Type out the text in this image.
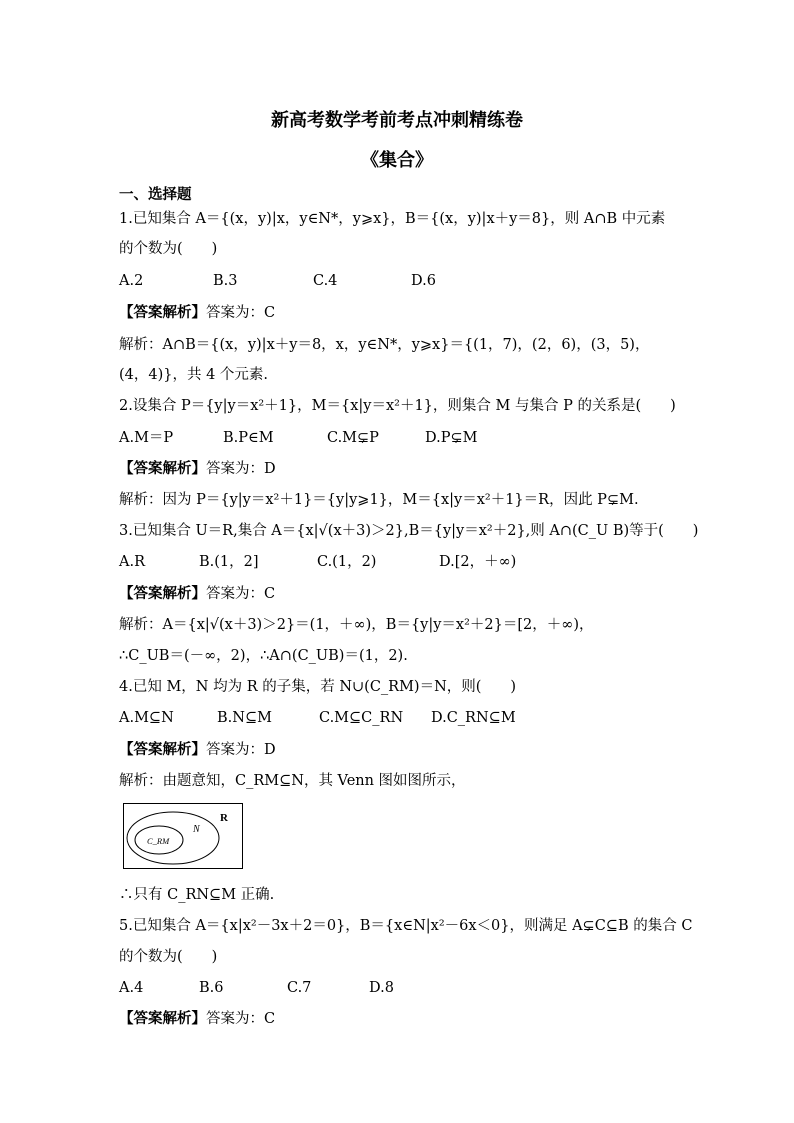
新高考数学考前考点冲刺精练卷
《集合》
一、选择题
1.已知集合 A＝{(x，y)|x，y∈N*，y⩾x}，B＝{(x，y)|x＋y＝8}，则 A∩B 中元素
的个数为(　　)
A.2	B.3	C.4	D.6
【答案解析】答案为：C
解析：A∩B＝{(x，y)|x＋y＝8，x，y∈N*，y⩾x}＝{(1，7)，(2，6)，(3，5)，
(4，4)}，共 4 个元素.
2.设集合 P＝{y|y＝x²＋1}，M＝{x|y＝x²＋1}，则集合 M 与集合 P 的关系是(　　)
A.M＝P	B.P∈M	C.M⊊P	D.P⊊M
【答案解析】答案为：D
解析：因为 P＝{y|y＝x²＋1}＝{y|y⩾1}，M＝{x|y＝x²＋1}＝R，因此 P⊊M.
3.已知集合 U＝R,集合 A＝{x|√(x＋3)＞2},B＝{y|y＝x²＋2},则 A∩(C_U B)等于(　　)
A.R	B.(1，2]	C.(1，2)	D.[2，＋∞)
【答案解析】答案为：C
解析：A＝{x|√(x＋3)＞2}＝(1，＋∞)，B＝{y|y＝x²＋2}＝[2，＋∞)，
∴C_UB＝(－∞，2)，∴A∩(C_UB)＝(1，2).
4.已知 M，N 均为 R 的子集，若 N∪(C_RM)＝N，则(　　)
A.M⊆N	B.N⊆M	C.M⊆C_RN D.C_RN⊆M
【答案解析】答案为：D
解析：由题意知，C_RM⊆N，其 Venn 图如图所示，
R
N
C_RM
∴只有 C_RN⊆M 正确.
5.已知集合 A＝{x|x²－3x＋2＝0}，B＝{x∈N|x²－6x＜0}，则满足 A⊊C⊆B 的集合 C
的个数为(　　)
A.4	B.6	C.7	D.8
【答案解析】答案为：C
